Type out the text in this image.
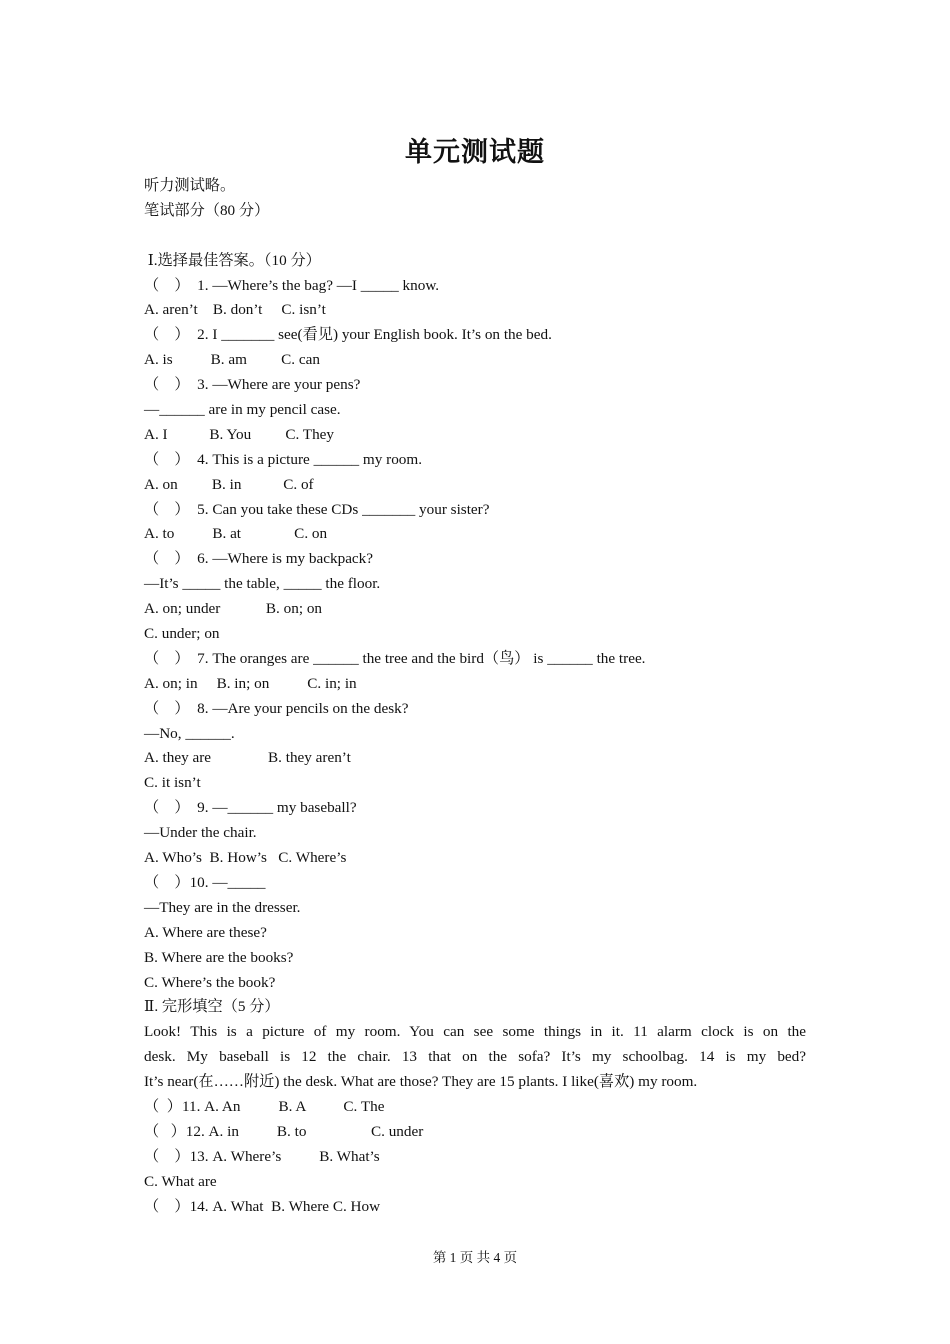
单元测试题
听力测试略。
笔试部分（80 分）
Ⅰ.选择最佳答案。（10 分）
（    ）  1. —Where’s the bag? —I _____ know.
A. aren’t    B. don’t     C. isn’t
（    ）  2. I _______ see(看见) your English book. It’s on the bed.
A. is          B. am         C. can
（    ）  3. —Where are your pens?
—______ are in my pencil case.
A. I           B. You         C. They
（    ）  4. This is a picture ______ my room.
A. on         B. in           C. of
（    ）  5. Can you take these CDs _______ your sister?
A. to          B. at              C. on
（    ）  6. —Where is my backpack?
—It’s _____ the table, _____ the floor.
A. on; under            B. on; on
C. under; on
（    ）  7. The oranges are ______ the tree and the bird（鸟） is ______ the tree.
A. on; in     B. in; on          C. in; in
（    ）  8. —Are your pencils on the desk?
—No, ______.
A. they are               B. they aren’t
C. it isn’t
（    ）  9. —______ my baseball?
—Under the chair.
A. Who’s  B. How’s   C. Where’s
（    ）10. —_____
—They are in the dresser.
A. Where are these?
B. Where are the books?
C. Where’s the book?
Ⅱ. 完形填空（5 分）
Look! This is a picture of my room. You can see some things in it. 11 alarm clock is on the
desk. My baseball is 12 the chair. 13 that on the sofa? It’s my schoolbag. 14 is my bed?
It’s near(在……附近) the desk. What are those? They are 15 plants. I like(喜欢) my room.
（  ）11. A. An          B. A          C. The
（   ）12. A. in          B. to                 C. under
（    ）13. A. Where’s          B. What’s
C. What are
（    ）14. A. What  B. Where C. How
第 1 页 共 4 页
